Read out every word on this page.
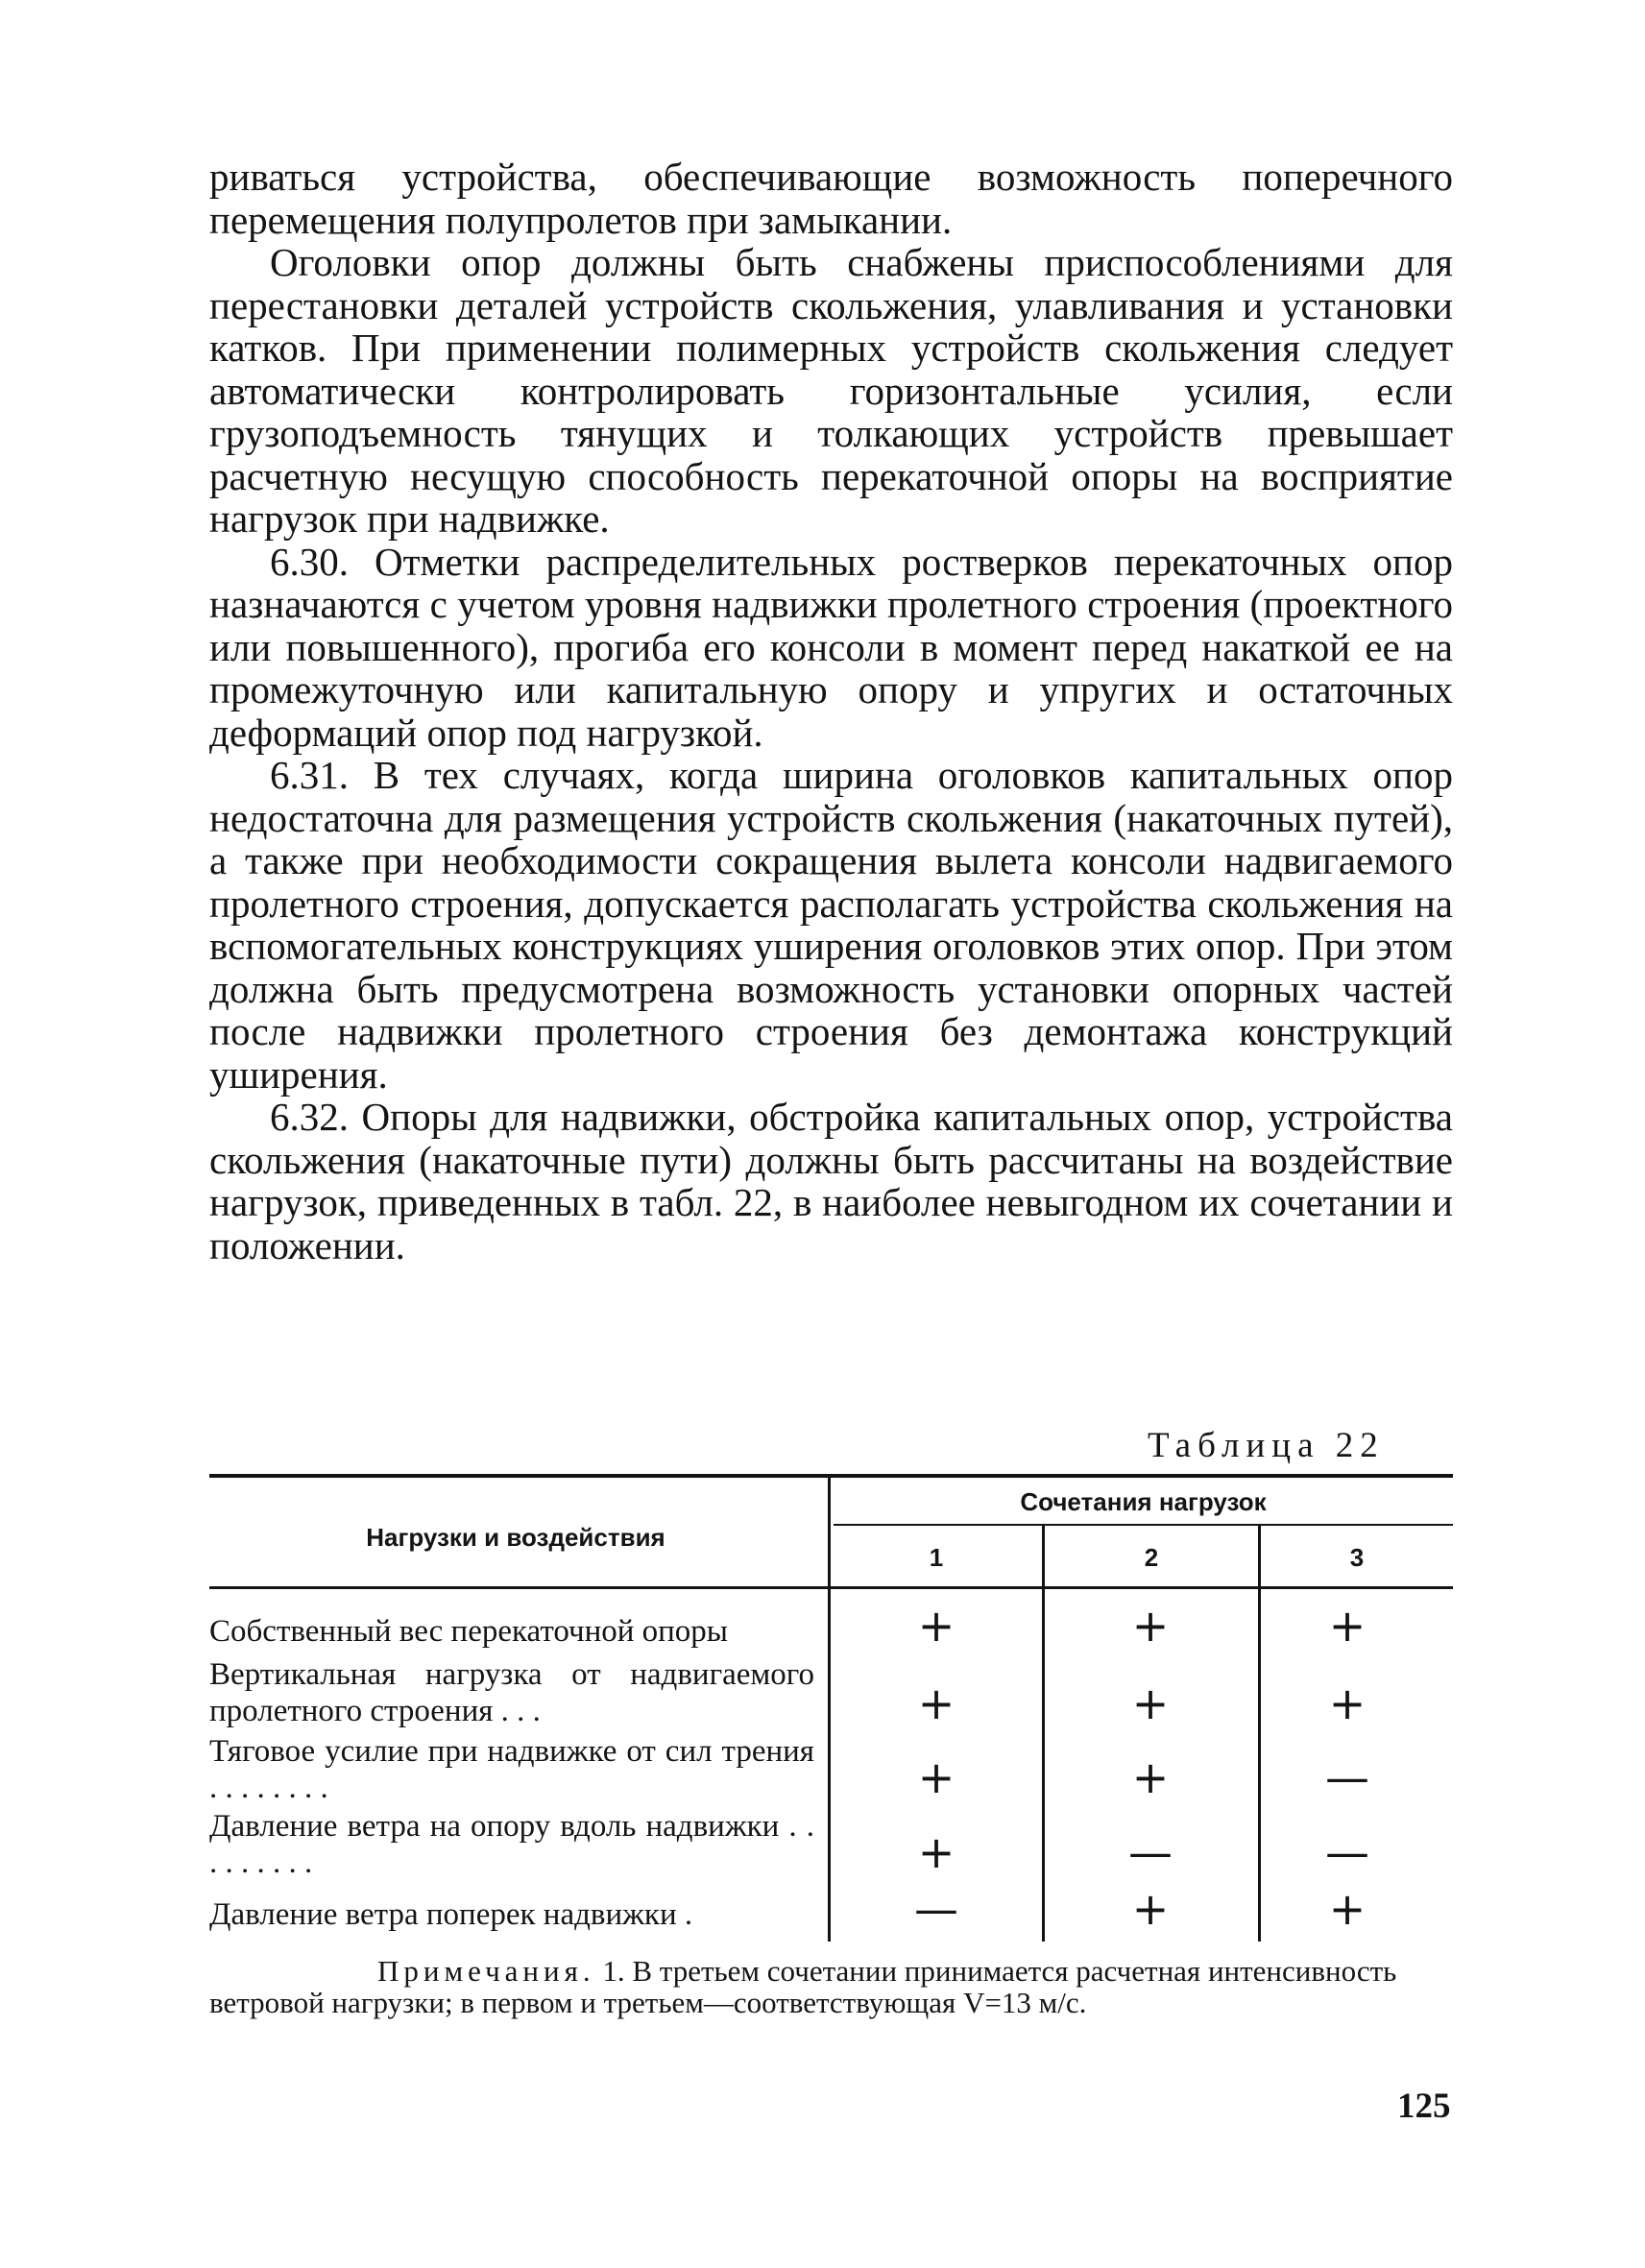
риваться устройства, обеспечивающие возможность поперечного перемещения полупролетов при замыкании.

Оголовки опор должны быть снабжены приспособлениями для перестановки деталей устройств скольжения, улавливания и установки катков. При применении полимерных устройств скольжения следует автоматически контролировать горизонтальные усилия, если грузоподъемность тянущих и толкающих устройств превышает расчетную несущую способность перекаточной опоры на восприятие нагрузок при надвижке.

6.30. Отметки распределительных ростверков перекаточных опор назначаются с учетом уровня надвижки пролетного строения (проектного или повышенного), прогиба его консоли в момент перед накаткой ее на промежуточную или капитальную опору и упругих и остаточных деформаций опор под нагрузкой.

6.31. В тех случаях, когда ширина оголовков капитальных опор недостаточна для размещения устройств скольжения (накаточных путей), а также при необходимости сокращения вылета консоли надвигаемого пролетного строения, допускается располагать устройства скольжения на вспомогательных конструкциях уширения оголовков этих опор. При этом должна быть предусмотрена возможность установки опорных частей после надвижки пролетного строения без демонтажа конструкций уширения.

6.32. Опоры для надвижки, обстройка капитальных опор, устройства скольжения (накаточные пути) должны быть рассчитаны на воздействие нагрузок, приведенных в табл. 22, в наиболее невыгодном их сочетании и положении.

Таблица 22
Нагрузки и воздействия
Сочетания нагрузок
1	2	3
Собственный вес перекаточной опоры	+	+	+
Вертикальная нагрузка от надвигаемого пролетного строения . . .	+	+	+
Тяговое усилие при надвижке от сил трения . . . . . . . .	+	+	—
Давление ветра на опору вдоль надвижки . . . . . . . . .	+	—	—
Давление ветра поперек надвижки .	—	+	+
Примечания. 1. В третьем сочетании принимается расчетная интенсивность ветровой нагрузки; в первом и третьем—соответствующая V=13 м/с.
125
